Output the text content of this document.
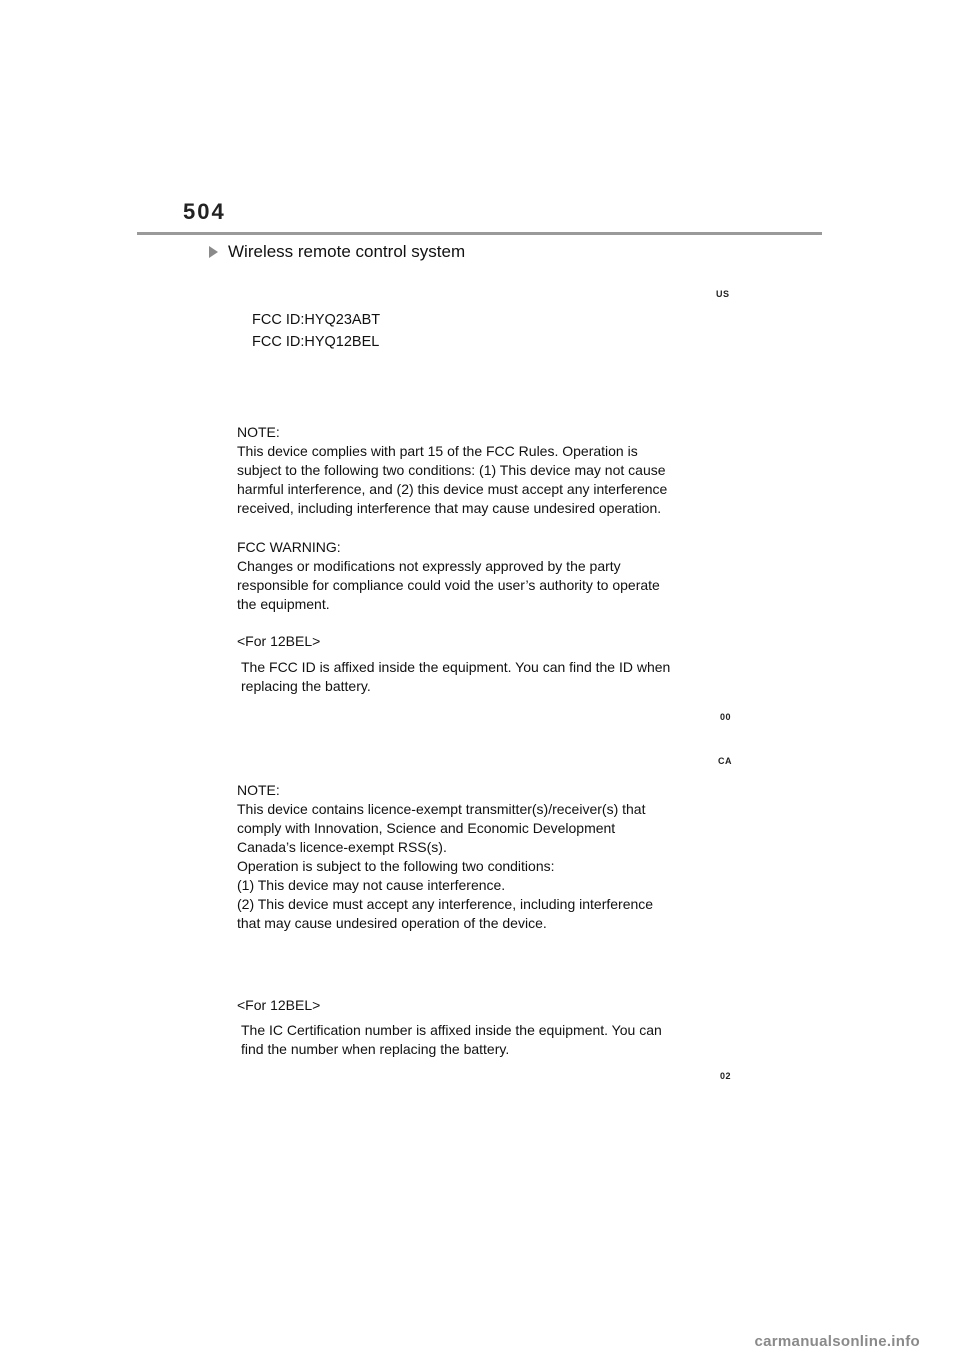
504
Wireless remote control system
US
FCC ID:HYQ23ABT
FCC ID:HYQ12BEL
NOTE:
This device complies with part 15 of the FCC Rules. Operation is
subject to the following two conditions: (1) This device may not cause
harmful interference, and (2) this device must accept any interference
received, including interference that may cause undesired operation.
FCC WARNING:
Changes or modifications not expressly approved by the party
responsible for compliance could void the user’s authority to operate
the equipment.
<For 12BEL>
The FCC ID is affixed inside the equipment. You can find the ID when
replacing the battery.
00
CA
NOTE:
This device contains licence-exempt transmitter(s)/receiver(s) that
comply with Innovation, Science and Economic Development
Canada’s licence-exempt RSS(s).
Operation is subject to the following two conditions:
(1) This device may not cause interference.
(2) This device must accept any interference, including interference
that may cause undesired operation of the device.
<For 12BEL>
The IC Certification number is affixed inside the equipment. You can
find the number when replacing the battery.
02
carmanualsonline.info
